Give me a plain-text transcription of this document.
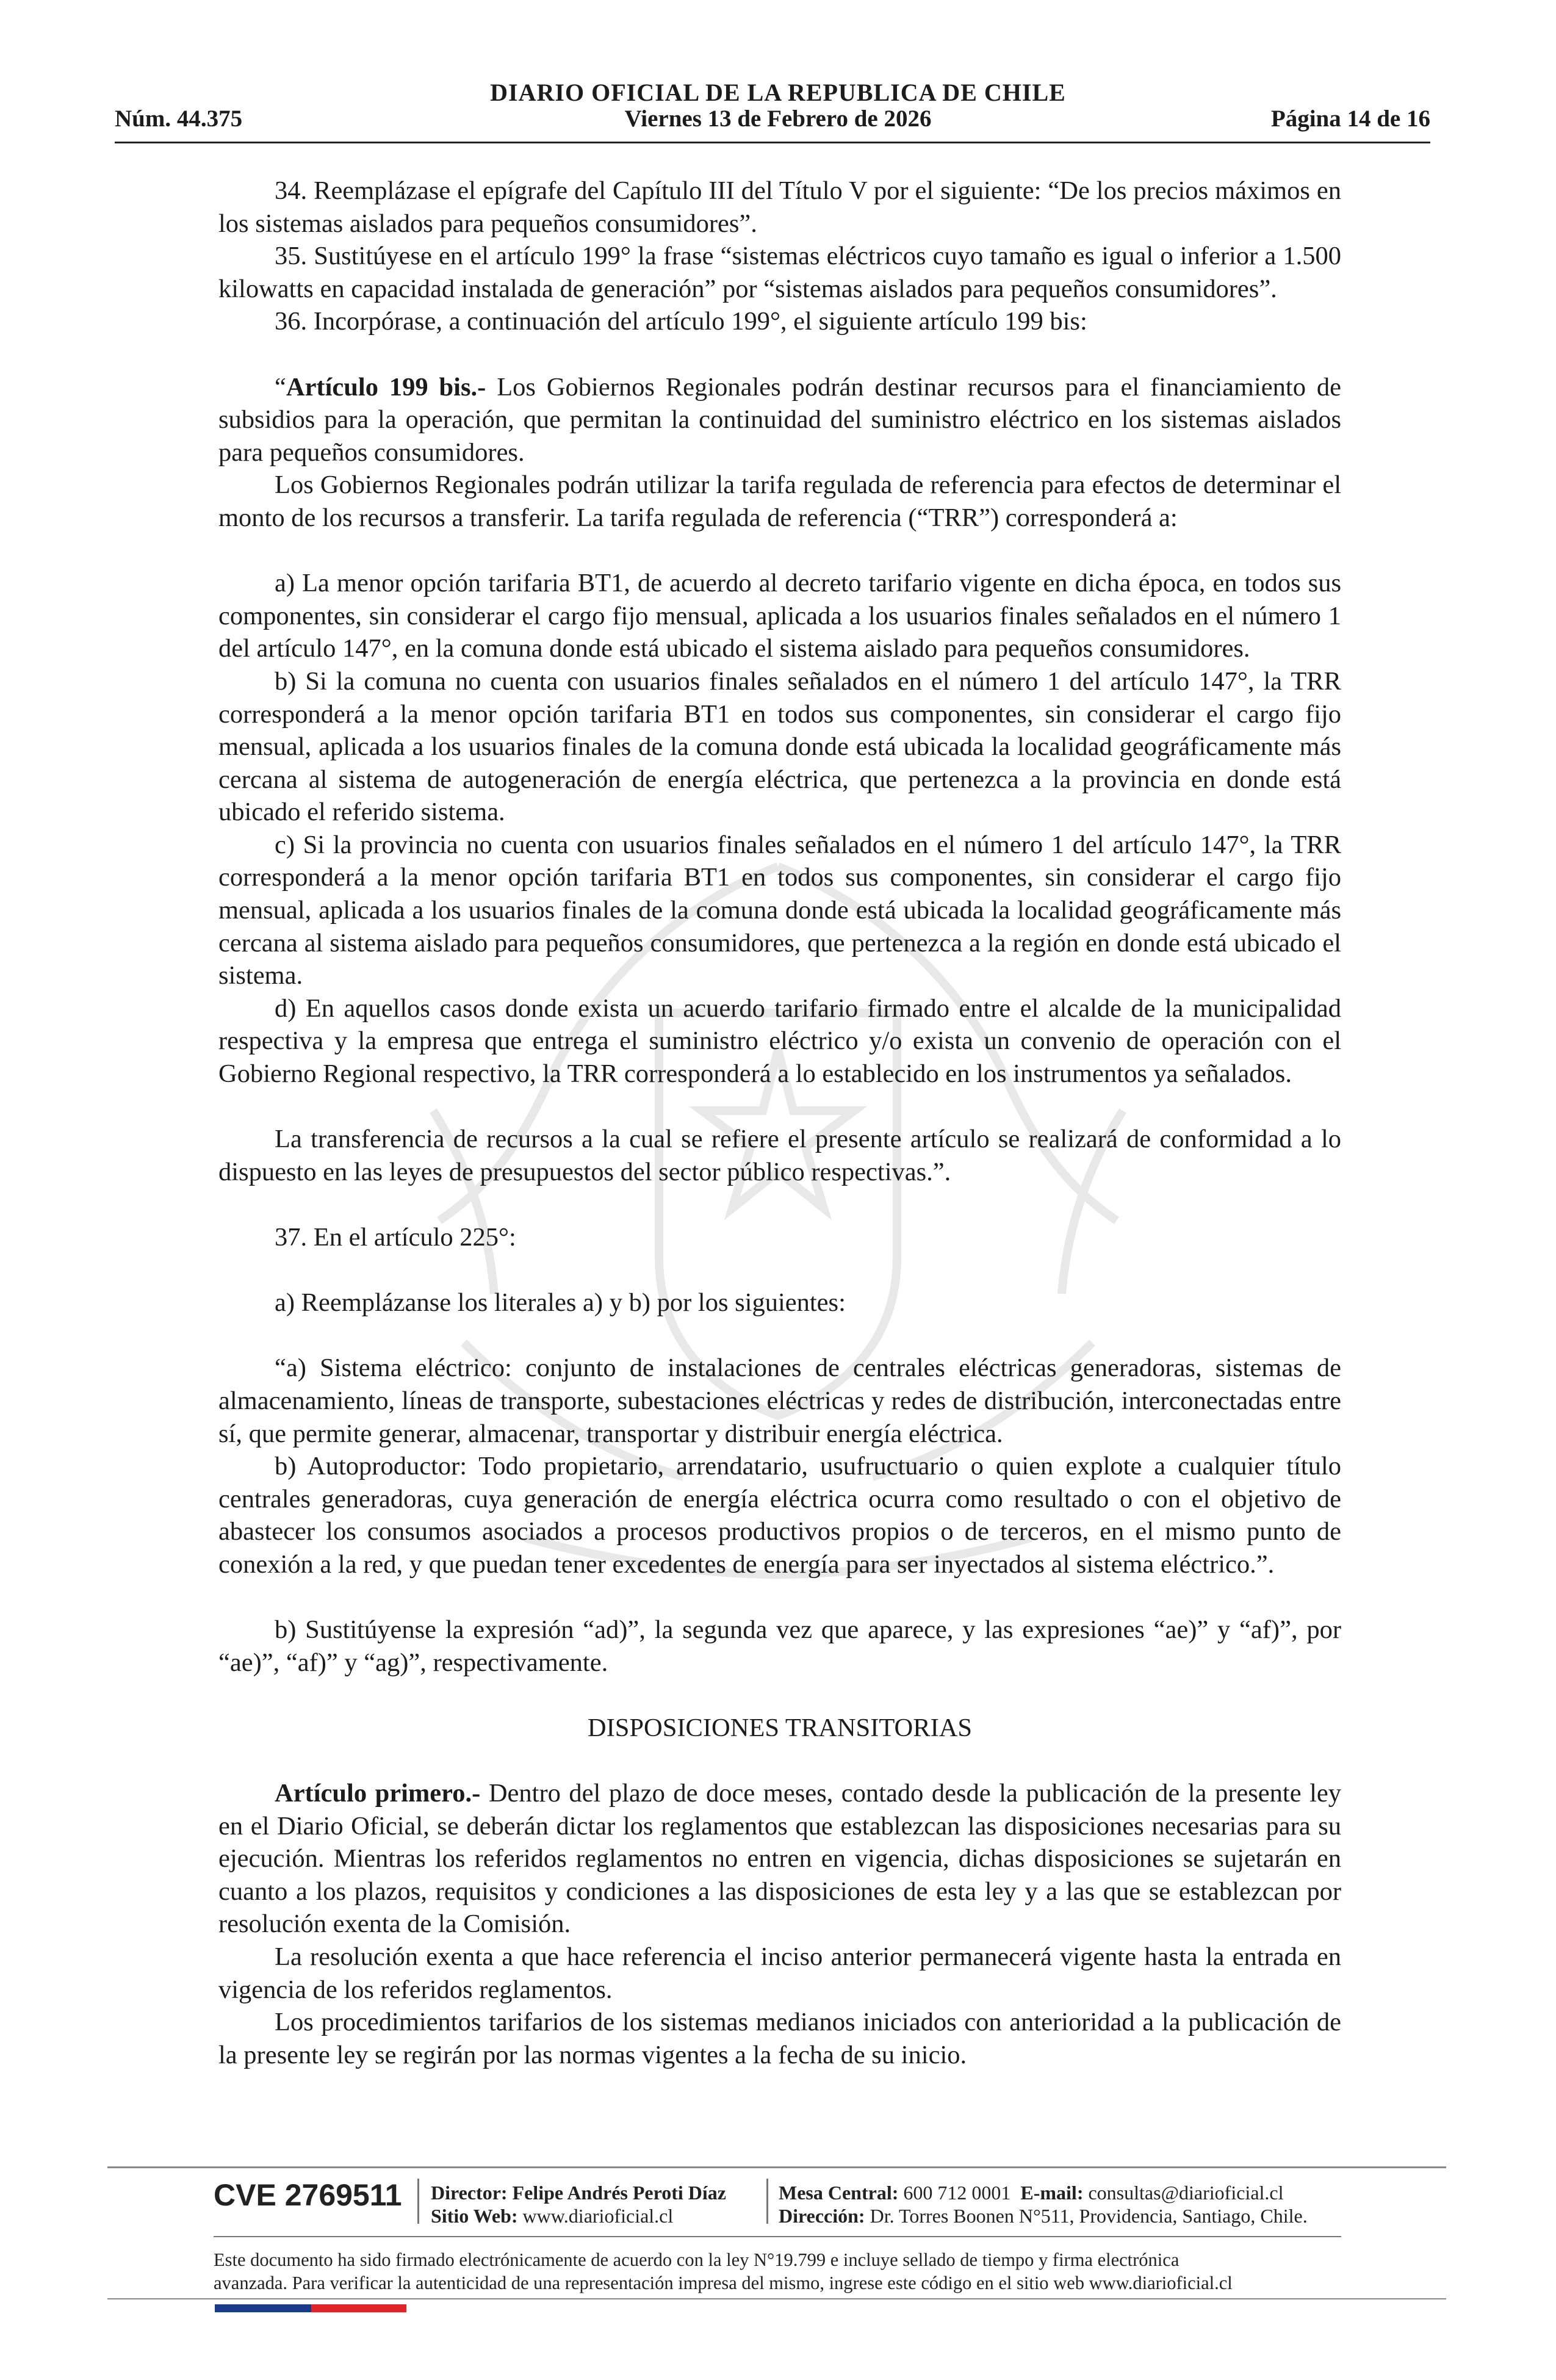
DIARIO OFICIAL DE LA REPUBLICA DE CHILE
Viernes 13 de Febrero de 2026
Núm. 44.375	Página 14 de 16

34. Reemplázase el epígrafe del Capítulo III del Título V por el siguiente: “De los precios máximos en los sistemas aislados para pequeños consumidores”.

35. Sustitúyese en el artículo 199° la frase “sistemas eléctricos cuyo tamaño es igual o inferior a 1.500 kilowatts en capacidad instalada de generación” por “sistemas aislados para pequeños consumidores”.

36. Incorpórase, a continuación del artículo 199°, el siguiente artículo 199 bis:

“Artículo 199 bis.- Los Gobiernos Regionales podrán destinar recursos para el financiamiento de subsidios para la operación, que permitan la continuidad del suministro eléctrico en los sistemas aislados para pequeños consumidores.

Los Gobiernos Regionales podrán utilizar la tarifa regulada de referencia para efectos de determinar el monto de los recursos a transferir. La tarifa regulada de referencia (“TRR”) corresponderá a:

a) La menor opción tarifaria BT1, de acuerdo al decreto tarifario vigente en dicha época, en todos sus componentes, sin considerar el cargo fijo mensual, aplicada a los usuarios finales señalados en el número 1 del artículo 147°, en la comuna donde está ubicado el sistema aislado para pequeños consumidores.

b) Si la comuna no cuenta con usuarios finales señalados en el número 1 del artículo 147°, la TRR corresponderá a la menor opción tarifaria BT1 en todos sus componentes, sin considerar el cargo fijo mensual, aplicada a los usuarios finales de la comuna donde está ubicada la localidad geográficamente más cercana al sistema de autogeneración de energía eléctrica, que pertenezca a la provincia en donde está ubicado el referido sistema.

c) Si la provincia no cuenta con usuarios finales señalados en el número 1 del artículo 147°, la TRR corresponderá a la menor opción tarifaria BT1 en todos sus componentes, sin considerar el cargo fijo mensual, aplicada a los usuarios finales de la comuna donde está ubicada la localidad geográficamente más cercana al sistema aislado para pequeños consumidores, que pertenezca a la región en donde está ubicado el sistema.

d) En aquellos casos donde exista un acuerdo tarifario firmado entre el alcalde de la municipalidad respectiva y la empresa que entrega el suministro eléctrico y/o exista un convenio de operación con el Gobierno Regional respectivo, la TRR corresponderá a lo establecido en los instrumentos ya señalados.

La transferencia de recursos a la cual se refiere el presente artículo se realizará de conformidad a lo dispuesto en las leyes de presupuestos del sector público respectivas.”.

37. En el artículo 225°:

a) Reemplázanse los literales a) y b) por los siguientes:

“a) Sistema eléctrico: conjunto de instalaciones de centrales eléctricas generadoras, sistemas de almacenamiento, líneas de transporte, subestaciones eléctricas y redes de distribución, interconectadas entre sí, que permite generar, almacenar, transportar y distribuir energía eléctrica.

b) Autoproductor: Todo propietario, arrendatario, usufructuario o quien explote a cualquier título centrales generadoras, cuya generación de energía eléctrica ocurra como resultado o con el objetivo de abastecer los consumos asociados a procesos productivos propios o de terceros, en el mismo punto de conexión a la red, y que puedan tener excedentes de energía para ser inyectados al sistema eléctrico.”.

b) Sustitúyense la expresión “ad)”, la segunda vez que aparece, y las expresiones “ae)” y “af)”, por “ae)”, “af)” y “ag)”, respectivamente.

DISPOSICIONES TRANSITORIAS

Artículo primero.- Dentro del plazo de doce meses, contado desde la publicación de la presente ley en el Diario Oficial, se deberán dictar los reglamentos que establezcan las disposiciones necesarias para su ejecución. Mientras los referidos reglamentos no entren en vigencia, dichas disposiciones se sujetarán en cuanto a los plazos, requisitos y condiciones a las disposiciones de esta ley y a las que se establezcan por resolución exenta de la Comisión.

La resolución exenta a que hace referencia el inciso anterior permanecerá vigente hasta la entrada en vigencia de los referidos reglamentos.

Los procedimientos tarifarios de los sistemas medianos iniciados con anterioridad a la publicación de la presente ley se regirán por las normas vigentes a la fecha de su inicio.

CVE 2769511 Director: Felipe Andrés Peroti Díaz
Sitio Web: www.diarioficial.cl
Mesa Central: 600 712 0001 E-mail: consultas@diarioficial.cl
Dirección: Dr. Torres Boonen N°511, Providencia, Santiago, Chile.
Este documento ha sido firmado electrónicamente de acuerdo con la ley N°19.799 e incluye sellado de tiempo y firma electrónica
avanzada. Para verificar la autenticidad de una representación impresa del mismo, ingrese este código en el sitio web www.diarioficial.cl
